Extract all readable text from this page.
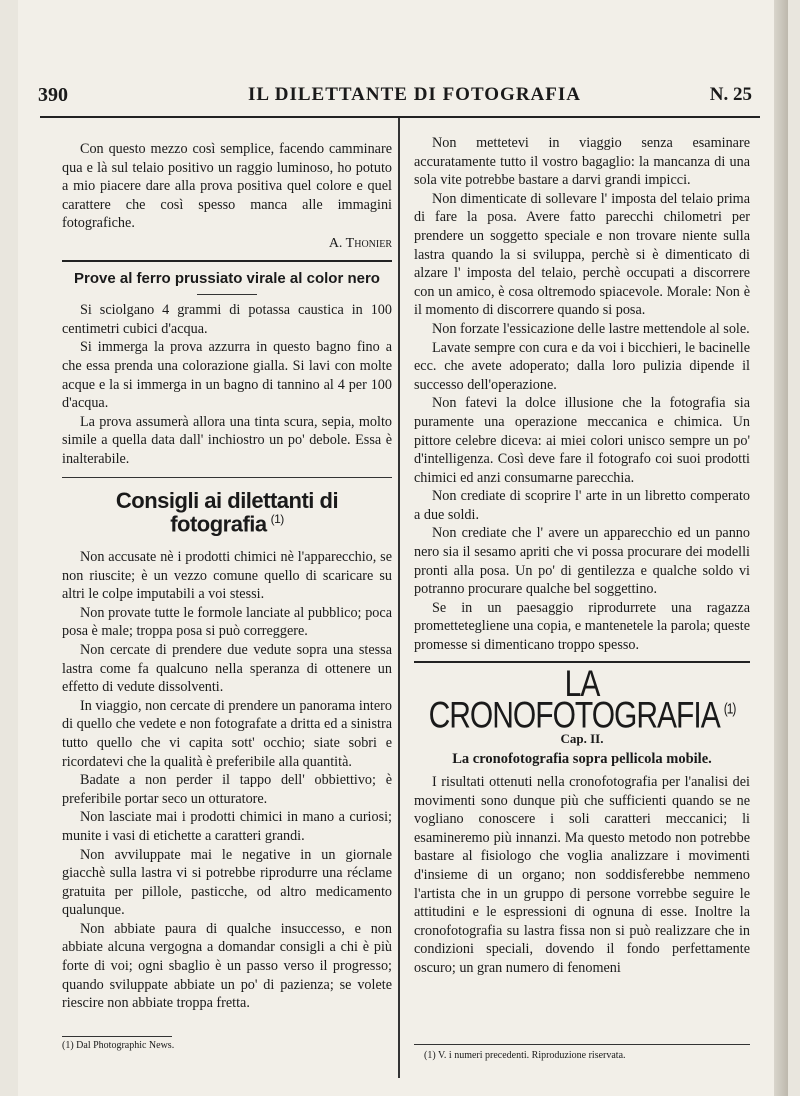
390	IL DILETTANTE DI FOTOGRAFIA	N. 25

Con questo mezzo così semplice, facendo camminare qua e là sul telaio positivo un raggio luminoso, ho potuto a mio piacere dare alla prova positiva quel colore e quel carattere che così spesso manca alle immagini fotografiche.

A. Thonier
Prove al ferro prussiato virale al color nero

Si sciolgano 4 grammi di potassa caustica in 100 centimetri cubici d'acqua.

Si immerga la prova azzurra in questo bagno fino a che essa prenda una colorazione gialla. Si lavi con molte acque e la si immerga in un bagno di tannino al 4 per 100 d'acqua.

La prova assumerà allora una tinta scura, sepia, molto simile a quella data dall' inchiostro un po' debole. Essa è inalterabile.

Consigli ai dilettanti di fotografia $^{(1)}$

Non accusate nè i prodotti chimici nè l'apparecchio, se non riuscite; è un vezzo comune quello di scaricare su altri le colpe imputabili a voi stessi.

Non provate tutte le formole lanciate al pubblico; poca posa è male; troppa posa si può correggere.

Non cercate di prendere due vedute sopra una stessa lastra come fa qualcuno nella speranza di ottenere un effetto di vedute dissolventi.

In viaggio, non cercate di prendere un panorama intero di quello che vedete e non fotografate a dritta ed a sinistra tutto quello che vi capita sott' occhio; siate sobri e ricordatevi che la qualità è preferibile alla quantità.

Badate a non perder il tappo dell' obbiettivo; è preferibile portar seco un otturatore.

Non lasciate mai i prodotti chimici in mano a curiosi; munite i vasi di etichette a caratteri grandi.

Non avviluppate mai le negative in un giornale giacchè sulla lastra vi si potrebbe riprodurre una réclame gratuita per pillole, pasticche, od altro medicamento qualunque.

Non abbiate paura di qualche insuccesso, e non abbiate alcuna vergogna a domandar consigli a chi è più forte di voi; ogni sbaglio è un passo verso il progresso; quando sviluppate abbiate un po' di pazienza; se volete riescire non abbiate troppa fretta.

(1) Dal Photographic News.

Non mettetevi in viaggio senza esaminare accuratamente tutto il vostro bagaglio: la mancanza di una sola vite potrebbe bastare a darvi grandi impicci.

Non dimenticate di sollevare l' imposta del telaio prima di fare la posa. Avere fatto parecchi chilometri per prendere un soggetto speciale e non trovare niente sulla lastra quando la si sviluppa, perchè si è dimenticato di alzare l' imposta del telaio, perchè occupati a discorrere con un amico, è cosa oltremodo spiacevole. Morale: Non è il momento di discorrere quando si posa.

Non forzate l'essicazione delle lastre mettendole al sole.

Lavate sempre con cura e da voi i bicchieri, le bacinelle ecc. che avete adoperato; dalla loro pulizia dipende il successo dell'operazione.

Non fatevi la dolce illusione che la fotografia sia puramente una operazione meccanica e chimica. Un pittore celebre diceva: ai miei colori unisco sempre un po' d'intelligenza. Così deve fare il fotografo coi suoi prodotti chimici ed anzi consumarne parecchia.

Non crediate di scoprire l' arte in un libretto comperato a due soldi.

Non crediate che l' avere un apparecchio ed un panno nero sia il sesamo apriti che vi possa procurare dei modelli pronti alla posa. Un po' di gentilezza e qualche soldo vi potranno procurare qualche bel soggettino.

Se in un paesaggio riprodurrete una ragazza promettetegliene una copia, e mantenetele la parola; queste promesse si dimenticano troppo spesso.

LA CRONOFOTOGRAFIA $^{(1)}$
Cap. II.
La cronofotografia sopra pellicola mobile.

I risultati ottenuti nella cronofotografia per l'analisi dei movimenti sono dunque più che sufficienti quando se ne vogliano conoscere i soli caratteri meccanici; li esamineremo più innanzi. Ma questo metodo non potrebbe bastare al fisiologo che voglia analizzare i movimenti d'insieme di un organo; non soddisferebbe nemmeno l'artista che in un gruppo di persone vorrebbe seguire le attitudini e le espressioni di ognuna di esse. Inoltre la cronofotografia su lastra fissa non si può realizzare che in condizioni speciali, dovendo il fondo perfettamente oscuro; un gran numero di fenomeni

(1) V. i numeri precedenti. Riproduzione riservata.
